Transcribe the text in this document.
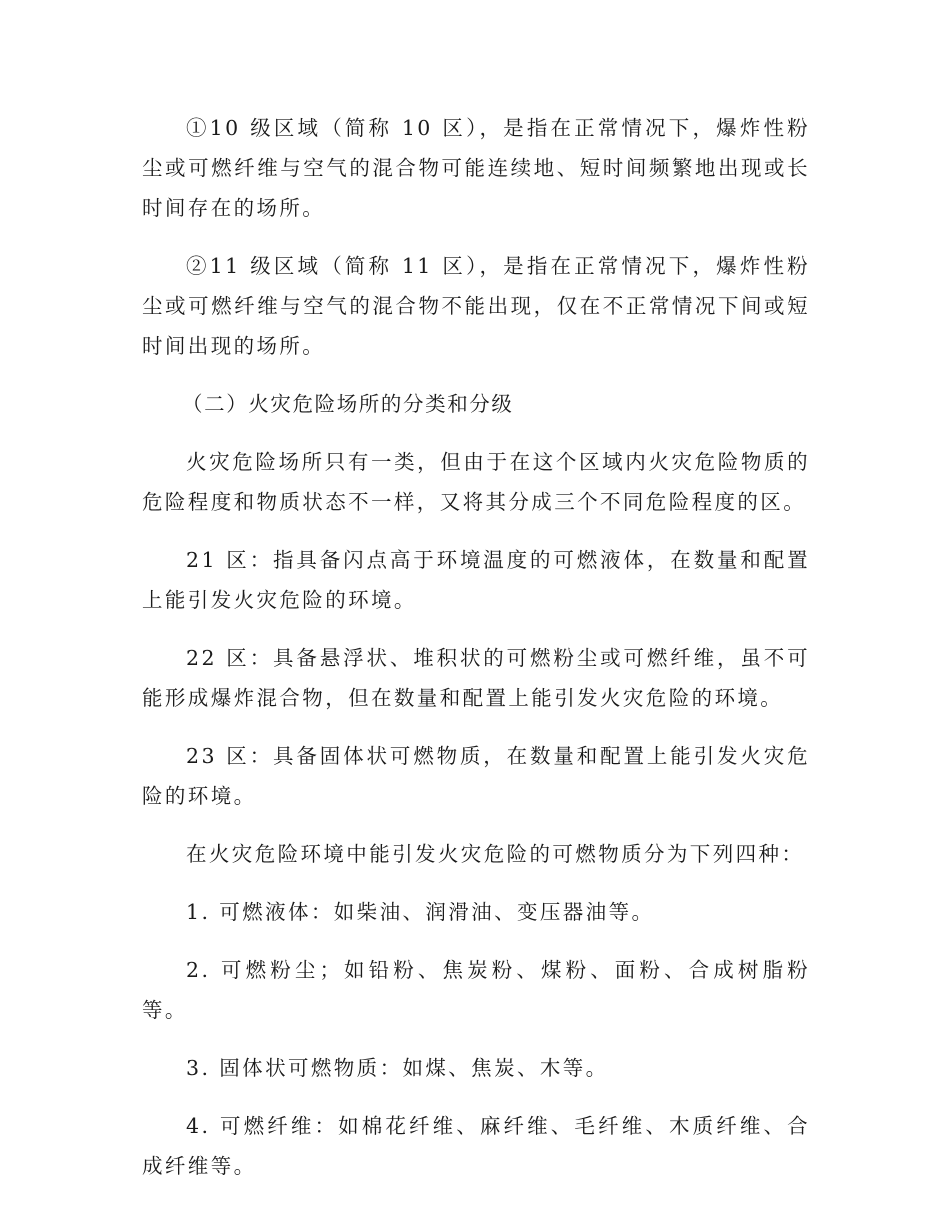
①10 级区域（简称 10 区），是指在正常情况下，爆炸性粉尘或可燃纤维与空气的混合物可能连续地、短时间频繁地出现或长时间存在的场所。

②11 级区域（简称 11 区），是指在正常情况下，爆炸性粉尘或可燃纤维与空气的混合物不能出现，仅在不正常情况下间或短时间出现的场所。

（二）火灾危险场所的分类和分级

火灾危险场所只有一类，但由于在这个区域内火灾危险物质的危险程度和物质状态不一样，又将其分成三个不同危险程度的区。

21 区：指具备闪点高于环境温度的可燃液体，在数量和配置上能引发火灾危险的环境。

22 区：具备悬浮状、堆积状的可燃粉尘或可燃纤维，虽不可能形成爆炸混合物，但在数量和配置上能引发火灾危险的环境。

23 区：具备固体状可燃物质，在数量和配置上能引发火灾危险的环境。

在火灾危险环境中能引发火灾危险的可燃物质分为下列四种：

1. 可燃液体：如柴油、润滑油、变压器油等。

2. 可燃粉尘；如铅粉、焦炭粉、煤粉、面粉、合成树脂粉等。

3. 固体状可燃物质：如煤、焦炭、木等。

4. 可燃纤维：如棉花纤维、麻纤维、毛纤维、木质纤维、合成纤维等。
